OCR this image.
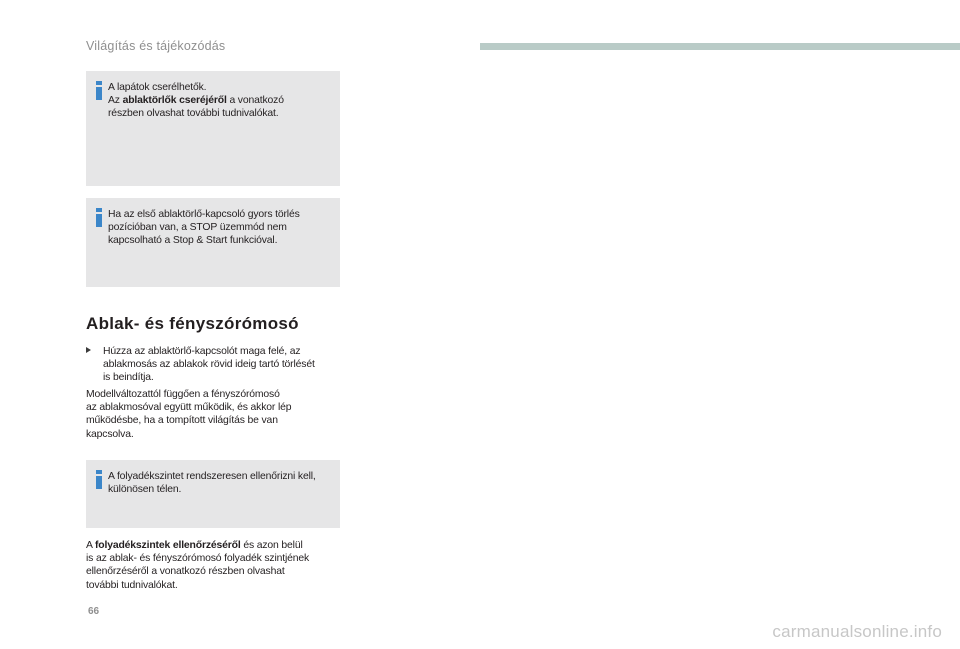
Világítás és tájékozódás
A lapátok cserélhetők.
Az ablaktörlők cseréjéről a vonatkozó
részben olvashat további tudnivalókat.
Ha az első ablaktörlő-kapcsoló gyors törlés
pozícióban van, a STOP üzemmód nem
kapcsolható a Stop & Start funkcióval.
Ablak- és fényszórómosó
Húzza az ablaktörlő-kapcsolót maga felé, az
ablakmosás az ablakok rövid ideig tartó törlését
is beindítja.
Modellváltozattól függően a fényszórómosó
az ablakmosóval együtt működik, és akkor lép
működésbe, ha a tompított világítás be van
kapcsolva.
A folyadékszintet rendszeresen ellenőrizni kell,
különösen télen.
A folyadékszintek ellenőrzéséről és azon belül
is az ablak- és fényszórómosó folyadék szintjének
ellenőrzéséről a vonatkozó részben olvashat
további tudnivalókat.
66
carmanualsonline.info
